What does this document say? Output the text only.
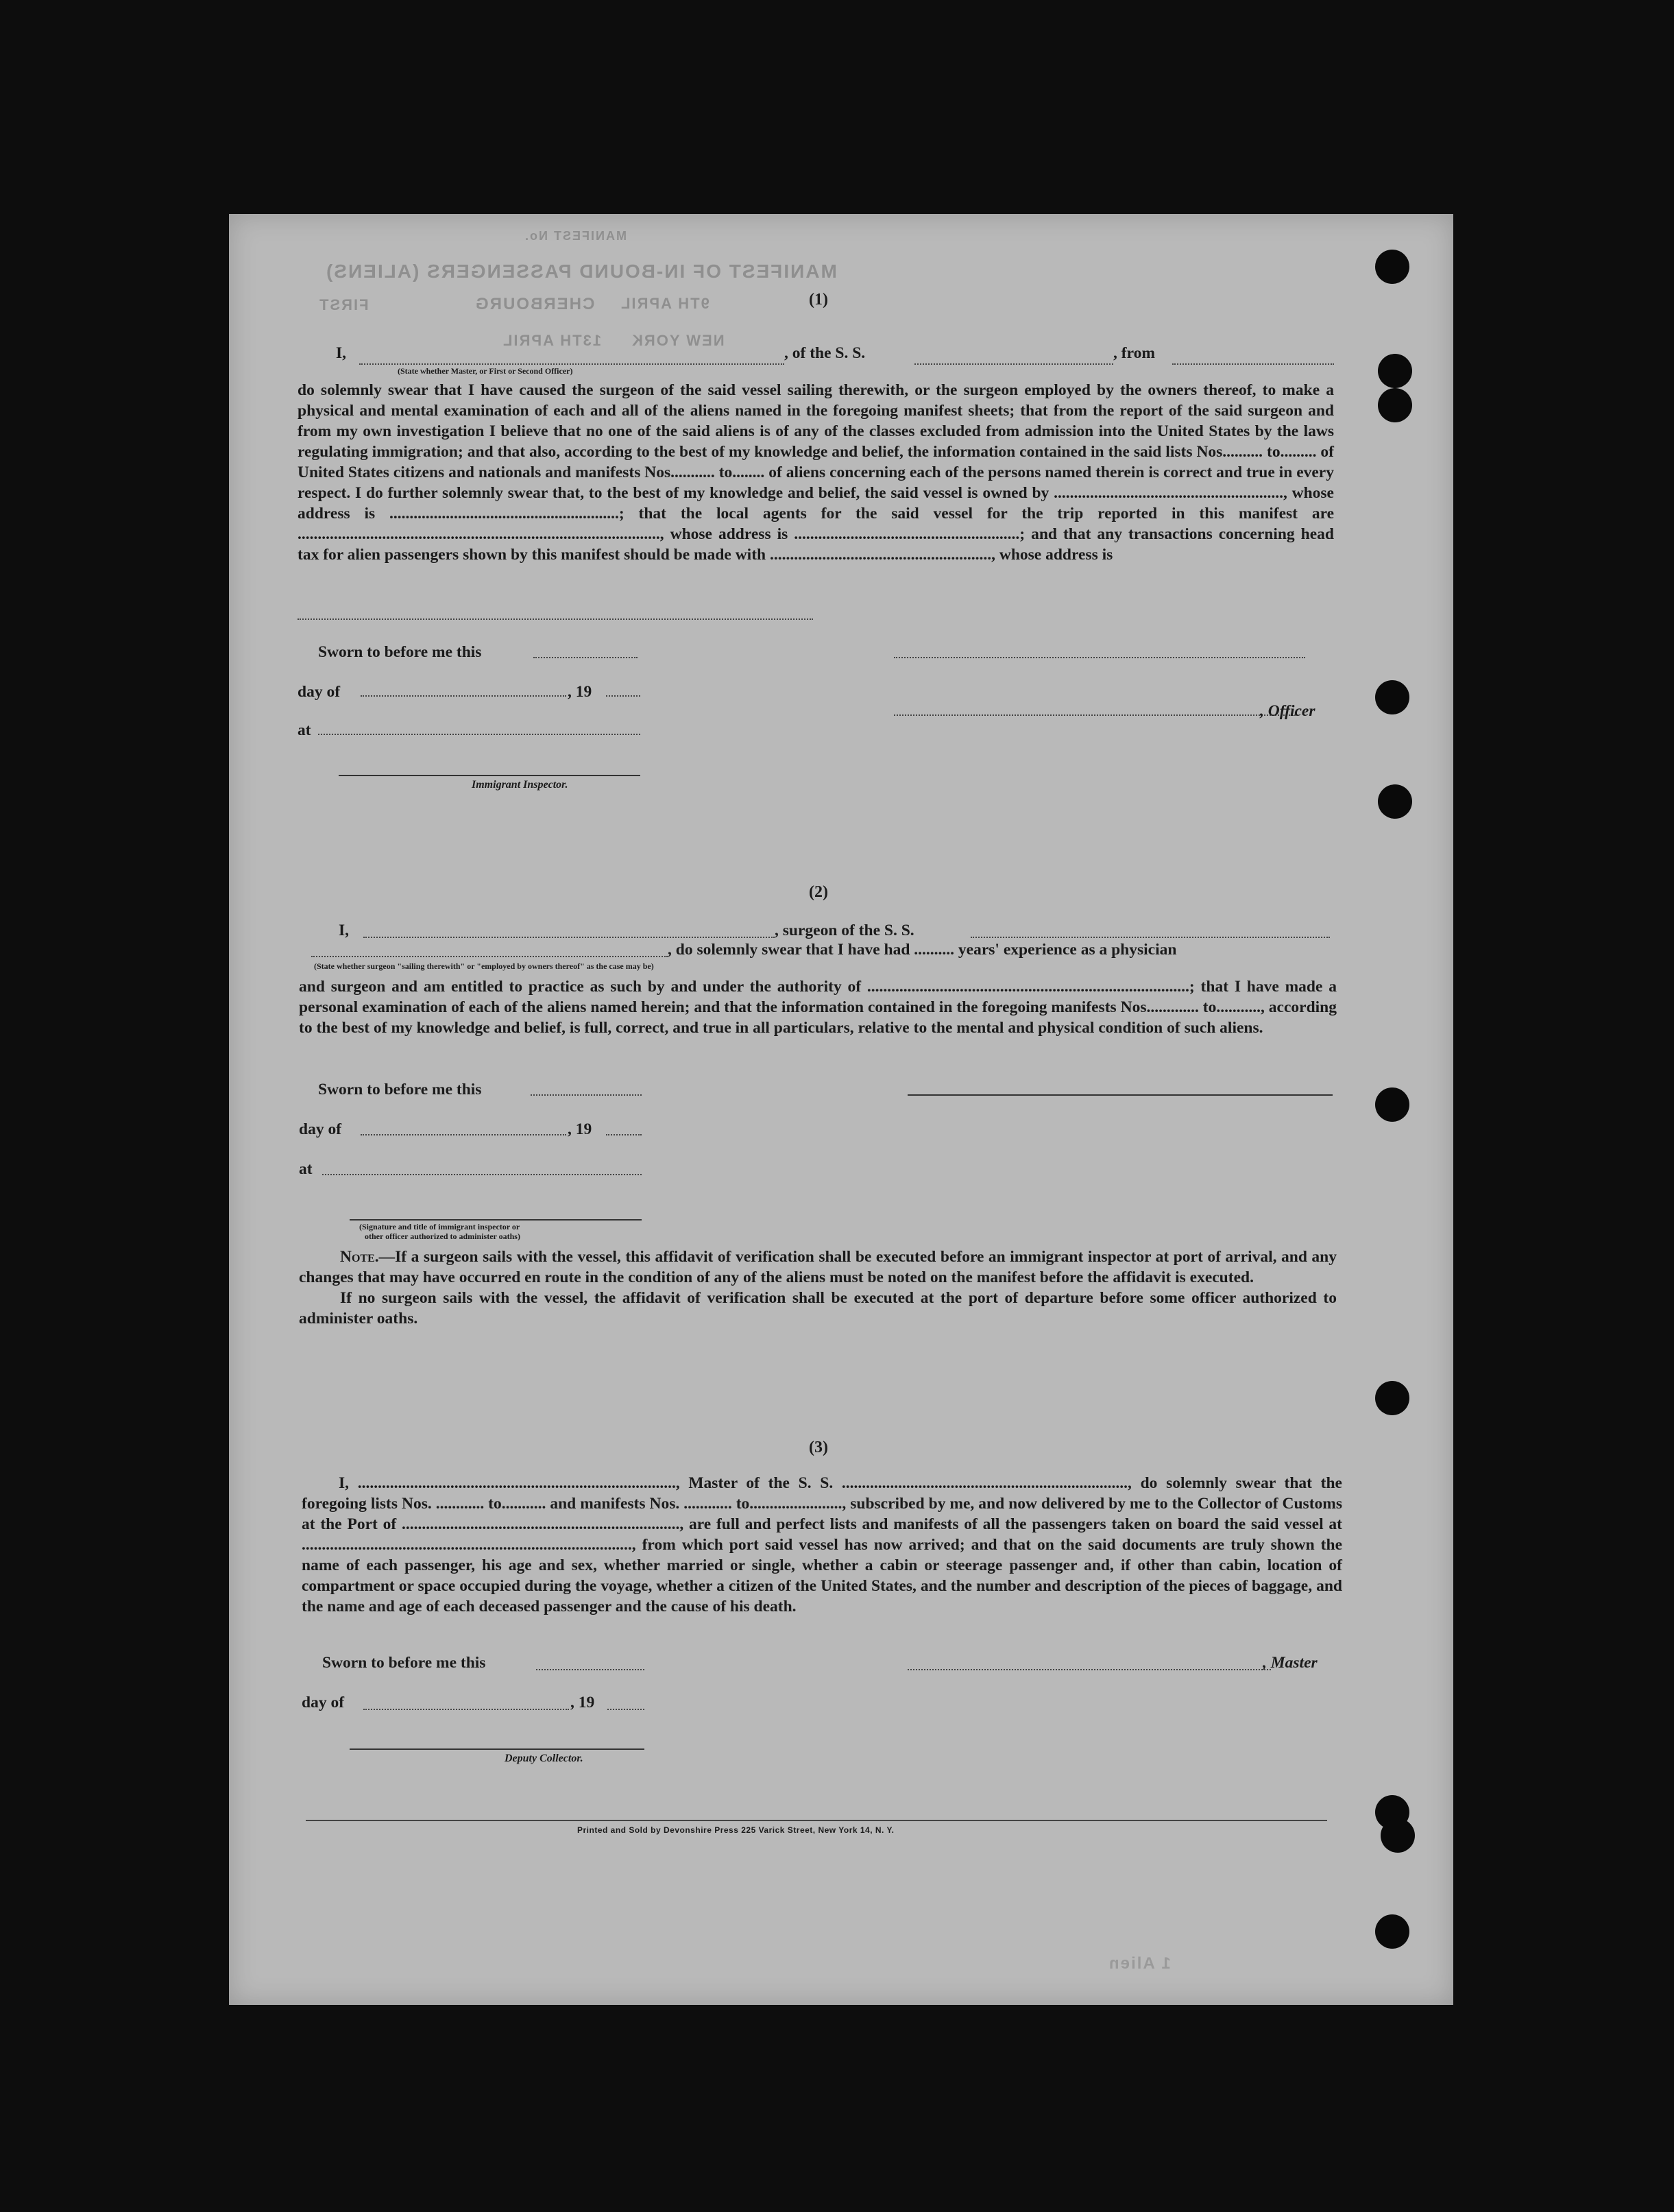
MANIFEST No.
MANIFEST OF IN-BOUND PASSENGERS (ALIENS)
FIRST	CHERBOURG 9TH APRIL
NEW YORK
13TH APRIL
(1)
I,	, of the S. S.	, from
(State whether Master, or First or Second Officer)

do solemnly swear that I have caused the surgeon of the said vessel sailing therewith, or the surgeon employed by the owners thereof, to make a physical and mental examination of each and all of the aliens named in the foregoing manifest sheets; that from the report of the said surgeon and from my own investigation I believe that no one of the said aliens is of any of the classes excluded from admission into the United States by the laws regulating immigration; and that also, according to the best of my knowledge and belief, the information contained in the said lists Nos.......... to......... of United States citizens and nationals and manifests Nos........... to........ of aliens concerning each of the persons named therein is correct and true in every respect. I do further solemnly swear that, to the best of my knowledge and belief, the said vessel is owned by ........................................................., whose address is .........................................................; that the local agents for the said vessel for the trip reported in this manifest are .........................................................................................., whose address is ........................................................; and that any transactions concerning head tax for alien passengers shown by this manifest should be made with ......................................................., whose address is

Sworn to before me this
day of	, 19
, Officer
at
Immigrant Inspector.
(2)
I,	, surgeon of the S. S.
, do solemnly swear that I have had .......... years' experience as a physician
(State whether surgeon "sailing therewith" or "employed by owners thereof" as the case may be)

and surgeon and am entitled to practice as such by and under the authority of ................................................................................; that I have made a personal examination of each of the aliens named herein; and that the information contained in the foregoing manifests Nos............. to..........., according to the best of my knowledge and belief, is full, correct, and true in all particulars, relative to the mental and physical condition of such aliens.

Sworn to before me this
day of	, 19
at
(Signature and title of immigrant inspector or
other officer authorized to administer oaths)

Note.—If a surgeon sails with the vessel, this affidavit of verification shall be executed before an immigrant inspector at port of arrival, and any changes that may have occurred en route in the condition of any of the aliens must be noted on the manifest before the affidavit is executed.

If no surgeon sails with the vessel, the affidavit of verification shall be executed at the port of departure before some officer authorized to administer oaths.

(3)

I, ..............................................................................., Master of the S. S. ......................................................................., do solemnly swear that the foregoing lists Nos. ............ to........... and manifests Nos. ............ to......................., subscribed by me, and now delivered by me to the Collector of Customs at the Port of ....................................................................., are full and perfect lists and manifests of all the passengers taken on board the said vessel at .................................................................................., from which port said vessel has now arrived; and that on the said documents are truly shown the name of each passenger, his age and sex, whether married or single, whether a cabin or steerage passenger and, if other than cabin, location of compartment or space occupied during the voyage, whether a citizen of the United States, and the number and description of the pieces of baggage, and the name and age of each deceased passenger and the cause of his death.

Sworn to before me this	, Master
day of	, 19
Deputy Collector.
Printed and Sold by Devonshire Press 225 Varick Street, New York 14, N. Y.
1 Alien
